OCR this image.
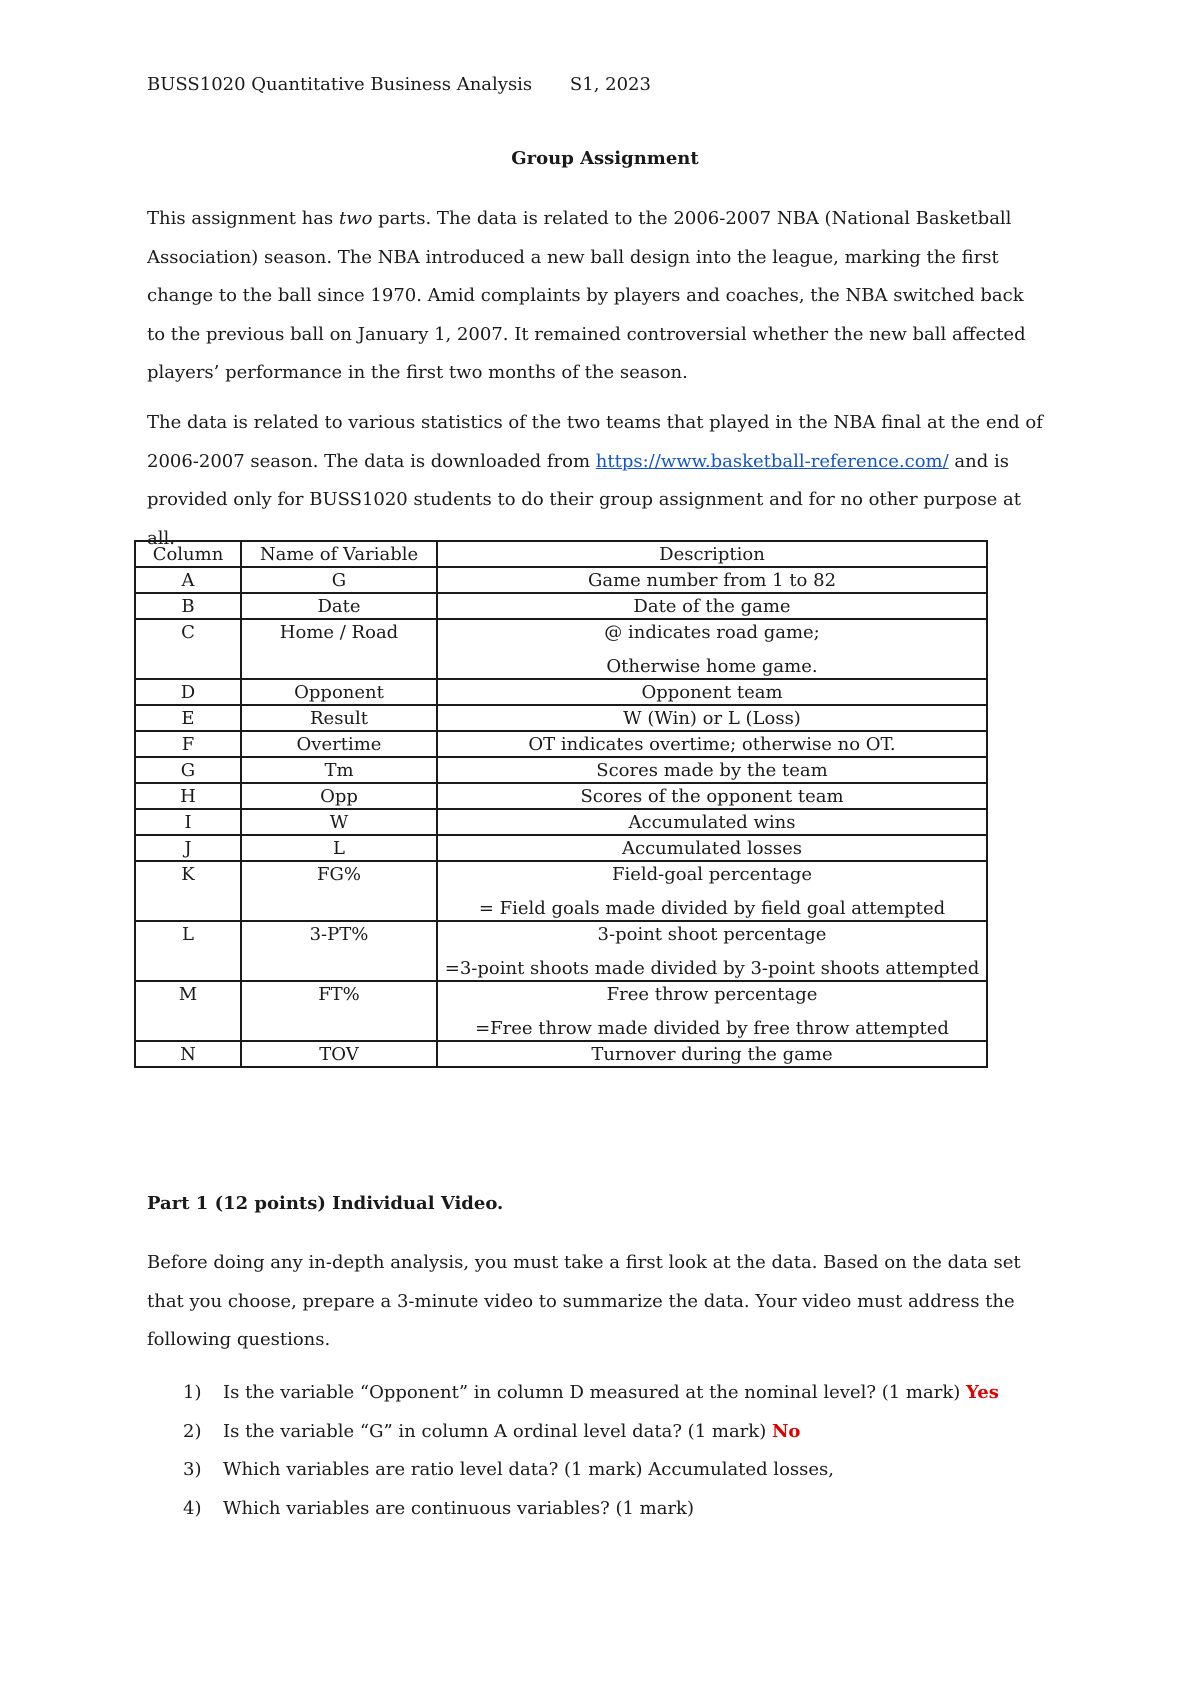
BUSS1020 Quantitative Business Analysis S1, 2023
Group Assignment
This assignment has two parts. The data is related to the 2006-2007 NBA (National Basketball Association) season. The NBA introduced a new ball design into the league, marking the first change to the ball since 1970. Amid complaints by players and coaches, the NBA switched back to the previous ball on January 1, 2007. It remained controversial whether the new ball affected players’ performance in the first two months of the season.
The data is related to various statistics of the two teams that played in the NBA final at the end of 2006-2007 season. The data is downloaded from https://www.basketball-reference.com/ and is provided only for BUSS1020 students to do their group assignment and for no other purpose at all.
Column	Name of Variable	Description
A	G	Game number from 1 to 82
B	Date	Date of the game
C	Home / Road	@ indicates road game;
Otherwise home game.

D	Opponent	Opponent team
E	Result	W (Win) or L (Loss)
F	Overtime	OT indicates overtime; otherwise no OT.
G	Tm	Scores made by the team
H	Opp	Scores of the opponent team
I	W	Accumulated wins
J	L	Accumulated losses
K	FG%	Field-goal percentage
= Field goals made divided by field goal attempted

L	3-PT%	3-point shoot percentage
=3-point shoots made divided by 3-point shoots attempted

M	FT%	Free throw percentage
=Free throw made divided by free throw attempted

N	TOV	Turnover during the game
Part 1 (12 points) Individual Video.
Before doing any in-depth analysis, you must take a first look at the data. Based on the data set that you choose, prepare a 3-minute video to summarize the data. Your video must address the following questions.
1) Is the variable “Opponent” in column D measured at the nominal level? (1 mark) Yes
2) Is the variable “G” in column A ordinal level data? (1 mark) No
3) Which variables are ratio level data? (1 mark) Accumulated losses,
4) Which variables are continuous variables? (1 mark)
